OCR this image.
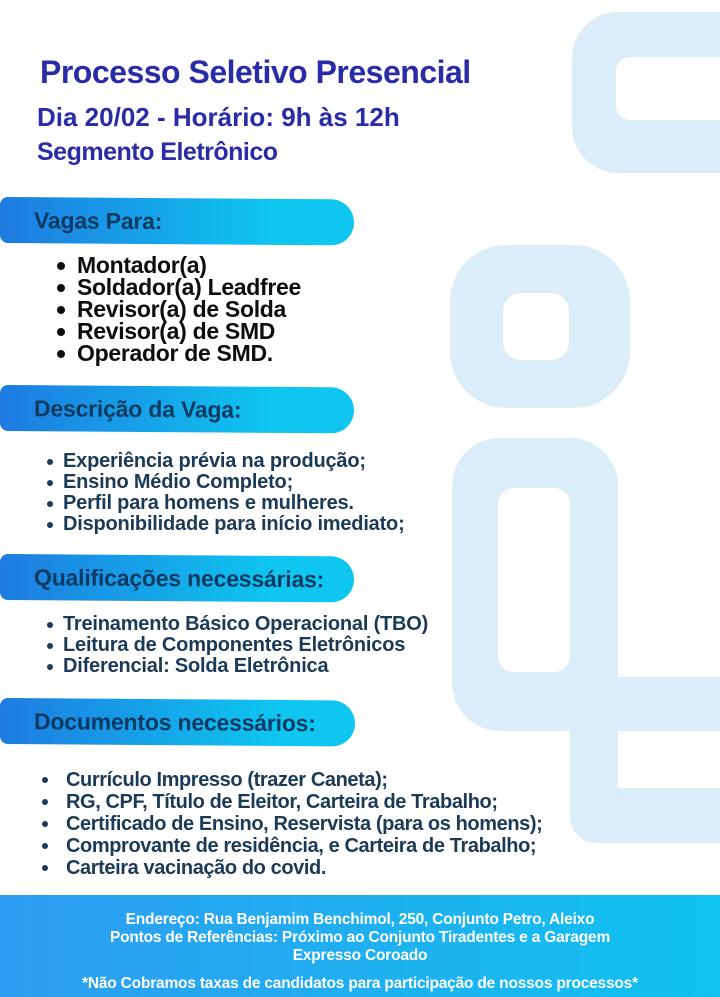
Processo Seletivo Presencial
Dia 20/02 - Horário: 9h às 12h
Segmento Eletrônico
Vagas Para:
Montador(a)
Soldador(a) Leadfree
Revisor(a) de Solda
Revisor(a) de SMD
Operador de SMD.
Descrição da Vaga:
Experiência prévia na produção;
Ensino Médio Completo;
Perfil para homens e mulheres.
Disponibilidade para início imediato;
Qualificações necessárias:
Treinamento Básico Operacional (TBO)
Leitura de Componentes Eletrônicos
Diferencial: Solda Eletrônica
Documentos necessários:
Currículo Impresso (trazer Caneta);
RG, CPF, Título de Eleitor, Carteira de Trabalho;
Certificado de Ensino, Reservista (para os homens);
Comprovante de residência, e Carteira de Trabalho;
Carteira vacinação do covid.
Endereço: Rua Benjamim Benchimol, 250, Conjunto Petro, Aleixo
Pontos de Referências: Próximo ao Conjunto Tiradentes e a Garagem
Expresso Coroado
*Não Cobramos taxas de candidatos para participação de nossos processos*
